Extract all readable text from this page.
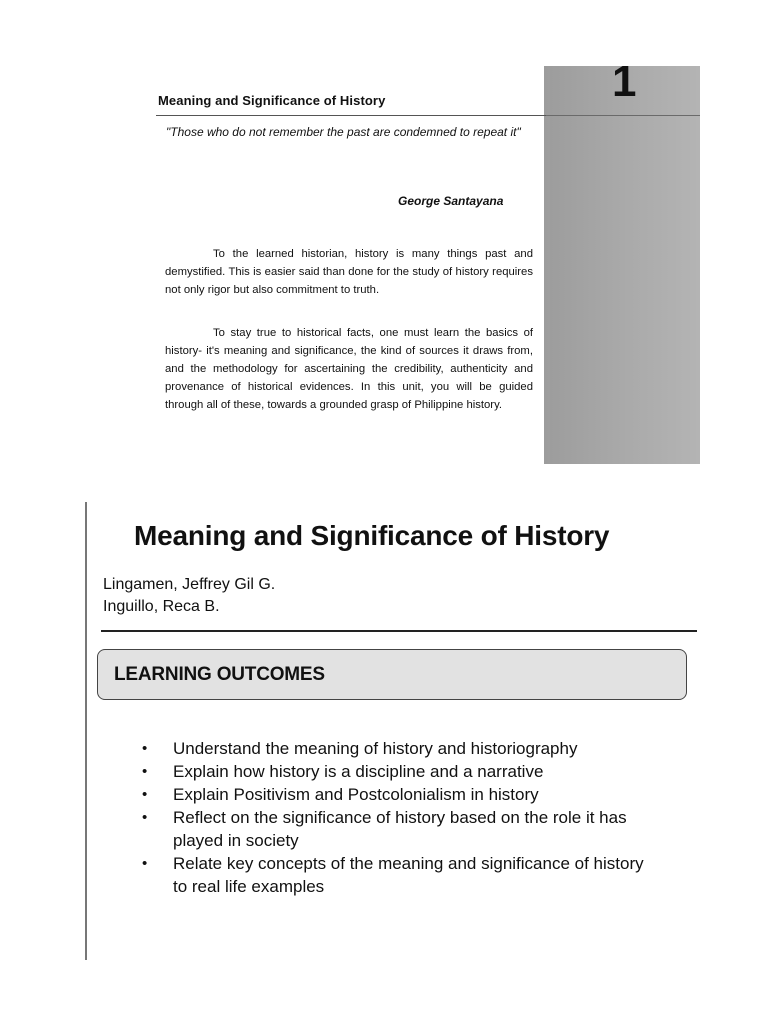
1
Meaning and Significance of History
"Those who do not remember the past are condemned to repeat it"
George Santayana
To the learned historian, history is many things past and demystified. This is easier said than done for the study of history requires not only rigor but also commitment to truth.
To stay true to historical facts, one must learn the basics of history- it's meaning and significance, the kind of sources it draws from, and the methodology for ascertaining the credibility, authenticity and provenance of historical evidences. In this unit, you will be guided through all of these, towards a grounded grasp of Philippine history.
Meaning and Significance of History
Lingamen, Jeffrey Gil G.
Inguillo, Reca B.
LEARNING OUTCOMES
• Understand the meaning of history and historiography
• Explain how history is a discipline and a narrative
• Explain Positivism and Postcolonialism in history
• Reflect on the significance of history based on the role it has played in society
• Relate key concepts of the meaning and significance of history to real life examples
